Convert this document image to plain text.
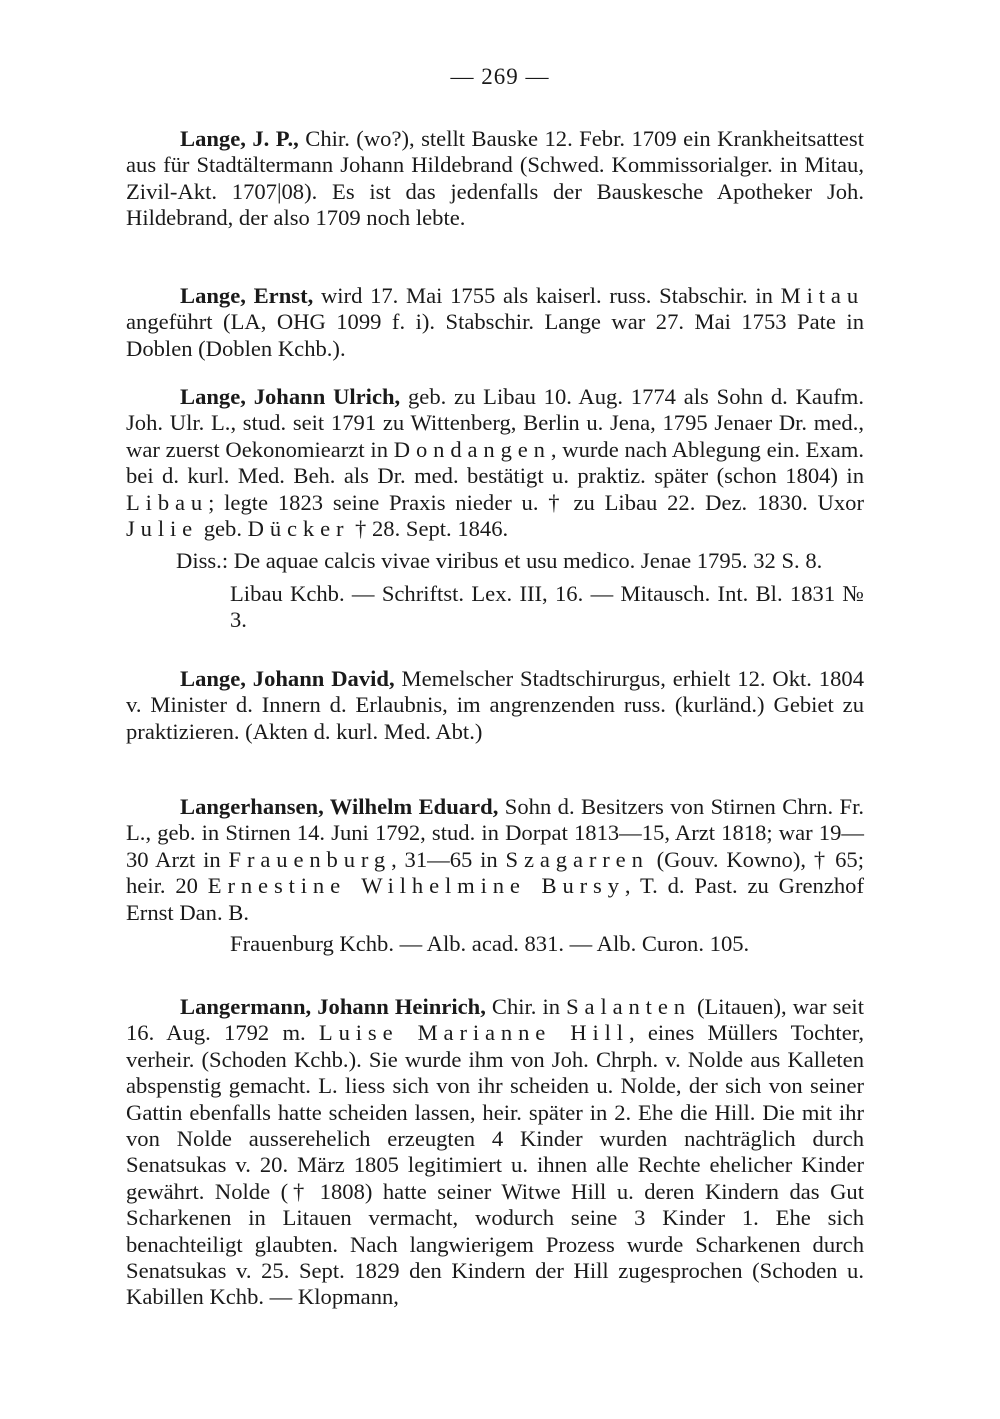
— 269 —

Lange, J. P., Chir. (wo?), stellt Bauske 12. Febr. 1709 ein Krankheitsattest aus für Stadtältermann Johann Hildebrand (Schwed. Kommissorialger. in Mitau, Zivil-Akt. 1707|08). Es ist das jedenfalls der Bauskesche Apotheker Joh. Hildebrand, der also 1709 noch lebte.

Lange, Ernst, wird 17. Mai 1755 als kaiserl. russ. Stabschir. in Mitau angeführt (LA, OHG 1099 f. i). Stabschir. Lange war 27. Mai 1753 Pate in Doblen (Doblen Kchb.).

Lange, Johann Ulrich, geb. zu Libau 10. Aug. 1774 als Sohn d. Kaufm. Joh. Ulr. L., stud. seit 1791 zu Wittenberg, Berlin u. Jena, 1795 Jenaer Dr. med., war zuerst Oekonomiearzt in Dondangen, wurde nach Ablegung ein. Exam. bei d. kurl. Med. Beh. als Dr. med. bestätigt u. praktiz. später (schon 1804) in Libau; legte 1823 seine Praxis nieder u. † zu Libau 22. Dez. 1830. Uxor Julie geb. Dücker † 28. Sept. 1846.

Diss.: De aquae calcis vivae viribus et usu medico. Jenae 1795. 32 S. 8.

Libau Kchb. — Schriftst. Lex. III, 16. — Mitausch. Int. Bl. 1831 № 3.

Lange, Johann David, Memelscher Stadtschirurgus, erhielt 12. Okt. 1804 v. Minister d. Innern d. Erlaubnis, im angrenzenden russ. (kurländ.) Gebiet zu praktizieren. (Akten d. kurl. Med. Abt.)

Langerhansen, Wilhelm Eduard, Sohn d. Besitzers von Stirnen Chrn. Fr. L., geb. in Stirnen 14. Juni 1792, stud. in Dorpat 1813—15, Arzt 1818; war 19—30 Arzt in Frauenburg, 31—65 in Szagarren (Gouv. Kowno), † 65; heir. 20 Ernestine Wilhelmine Bursy, T. d. Past. zu Grenzhof Ernst Dan. B.

Frauenburg Kchb. — Alb. acad. 831. — Alb. Curon. 105.

Langermann, Johann Heinrich, Chir. in Salanten (Litauen), war seit 16. Aug. 1792 m. Luise Marianne Hill, eines Müllers Tochter, verheir. (Schoden Kchb.). Sie wurde ihm von Joh. Chrph. v. Nolde aus Kalleten abspenstig gemacht. L. liess sich von ihr scheiden u. Nolde, der sich von seiner Gattin ebenfalls hatte scheiden lassen, heir. später in 2. Ehe die Hill. Die mit ihr von Nolde ausserehelich erzeugten 4 Kinder wurden nachträglich durch Senatsukas v. 20. März 1805 legitimiert u. ihnen alle Rechte ehelicher Kinder gewährt. Nolde († 1808) hatte seiner Witwe Hill u. deren Kindern das Gut Scharkenen in Litauen vermacht, wodurch seine 3 Kinder 1. Ehe sich benachteiligt glaubten. Nach langwierigem Prozess wurde Scharkenen durch Senatsukas v. 25. Sept. 1829 den Kindern der Hill zugesprochen (Schoden u. Kabillen Kchb. — Klopmann,
